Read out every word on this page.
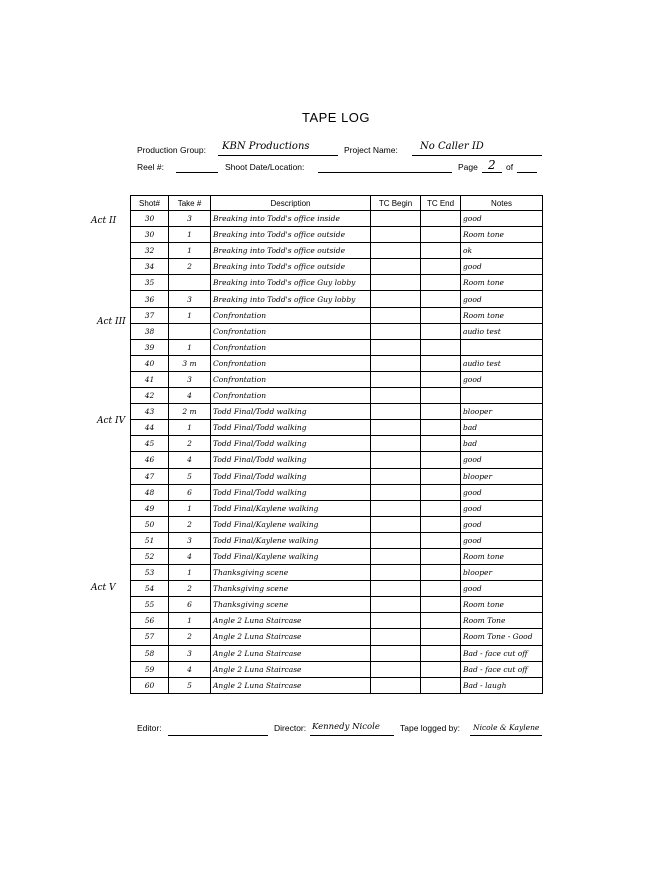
TAPE LOG
Production Group: KBN Productions	Project Name: No Caller ID
Reel #:	Shoot Date/Location:	Page 2 of
Act II
Act III
Act IV
Act V
Shot#	Take #	Description	TC Begin	TC End	Notes
30	3	Breaking into Todd's office inside			good
30	1	Breaking into Todd's office outside			Room tone
32	1	Breaking into Todd's office outside			ok
34	2	Breaking into Todd's office outside			good
35		Breaking into Todd's office Guy lobby			Room tone
36	3	Breaking into Todd's office Guy lobby			good
37	1	Confrontation			Room tone
38		Confrontation			audio test
39	1	Confrontation			
40	3 m	Confrontation			audio test
41	3	Confrontation			good
42	4	Confrontation			
43	2 m	Todd Final/Todd walking			blooper
44	1	Todd Final/Todd walking			bad
45	2	Todd Final/Todd walking			bad
46	4	Todd Final/Todd walking			good
47	5	Todd Final/Todd walking			blooper
48	6	Todd Final/Todd walking			good
49	1	Todd Final/Kaylene walking			good
50	2	Todd Final/Kaylene walking			good
51	3	Todd Final/Kaylene walking			good
52	4	Todd Final/Kaylene walking			Room tone
53	1	Thanksgiving scene			blooper
54	2	Thanksgiving scene			good
55	6	Thanksgiving scene			Room tone
56	1	Angle 2 Luna Staircase			Room Tone
57	2	Angle 2 Luna Staircase			Room Tone - Good
58	3	Angle 2 Luna Staircase			Bad - face cut off
59	4	Angle 2 Luna Staircase			Bad - face cut off
60	5	Angle 2 Luna Staircase			Bad - laugh
Editor:	Director: Kennedy Nicole Tape logged by: Nicole & Kaylene
